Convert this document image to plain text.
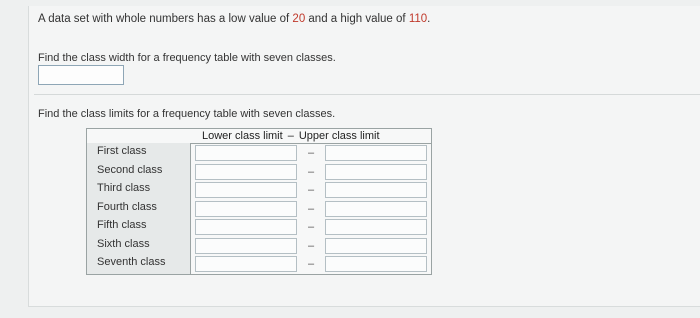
A data set with whole numbers has a low value of 20 and a high value of 110.
Find the class width for a frequency table with seven classes.
Find the class limits for a frequency table with seven classes.
Lower class limit – Upper class limit
First class
Second class
Third class
Fourth class
Fifth class
Sixth class
Seventh class
–
–
–
–
–
–
–
